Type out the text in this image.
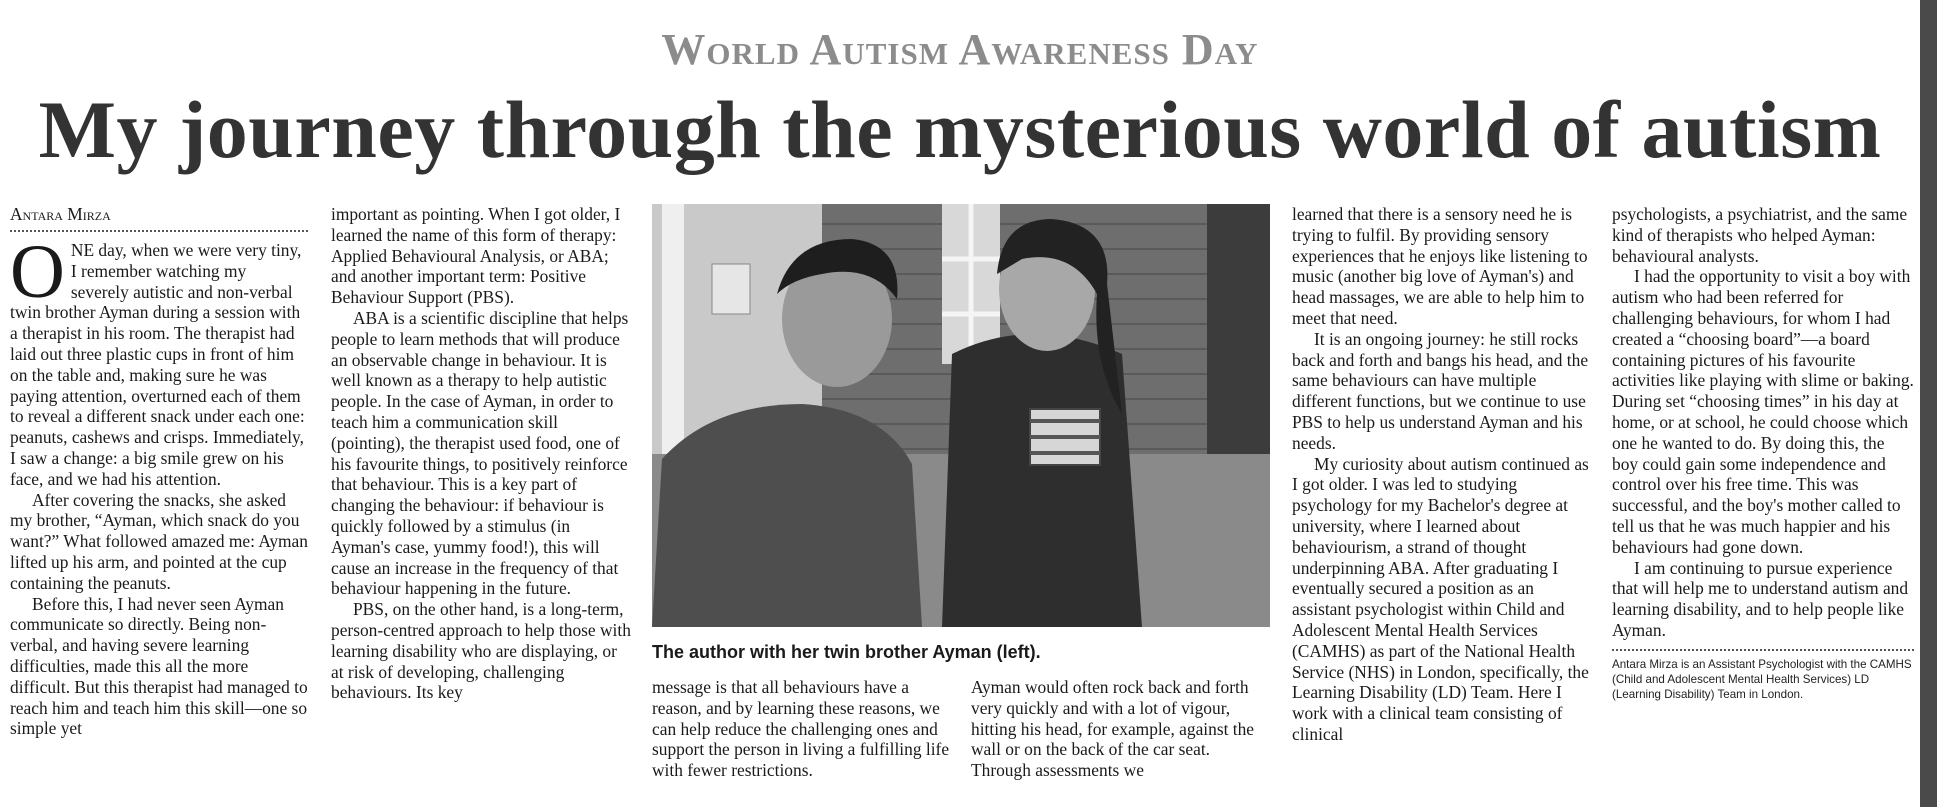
World Autism Awareness Day
My journey through the mysterious world of autism
Antara Mirza

ONE day, when we were very tiny, I remember watching my severely autistic and non-verbal twin brother Ayman during a session with a therapist in his room. The therapist had laid out three plastic cups in front of him on the table and, making sure he was paying attention, overturned each of them to reveal a different snack under each one: peanuts, cashews and crisps. Immediately, I saw a change: a big smile grew on his face, and we had his attention.

After covering the snacks, she asked my brother, “Ayman, which snack do you want?” What followed amazed me: Ayman lifted up his arm, and pointed at the cup containing the peanuts.

Before this, I had never seen Ayman communicate so directly. Being non-verbal, and having severe learning difficulties, made this all the more difficult. But this therapist had managed to reach him and teach him this skill—one so simple yet

important as pointing. When I got older, I learned the name of this form of therapy: Applied Behavioural Analysis, or ABA; and another important term: Positive Behaviour Support (PBS).

ABA is a scientific discipline that helps people to learn methods that will produce an observable change in behaviour. It is well known as a therapy to help autistic people. In the case of Ayman, in order to teach him a communication skill (pointing), the therapist used food, one of his favourite things, to positively reinforce that behaviour. This is a key part of changing the behaviour: if behaviour is quickly followed by a stimulus (in Ayman's case, yummy food!), this will cause an increase in the frequency of that behaviour happening in the future.

PBS, on the other hand, is a long-term, person-centred approach to help those with learning disability who are displaying, or at risk of developing, challenging behaviours. Its key

The author with her twin brother Ayman (left).

message is that all behaviours have a reason, and by learning these reasons, we can help reduce the challenging ones and support the person in living a fulfilling life with fewer restrictions.

Ayman would often rock back and forth very quickly and with a lot of vigour, hitting his head, for example, against the wall or on the back of the car seat. Through assessments we

learned that there is a sensory need he is trying to fulfil. By providing sensory experiences that he enjoys like listening to music (another big love of Ayman's) and head massages, we are able to help him to meet that need.

It is an ongoing journey: he still rocks back and forth and bangs his head, and the same behaviours can have multiple different functions, but we continue to use PBS to help us understand Ayman and his needs.

My curiosity about autism continued as I got older. I was led to studying psychology for my Bachelor's degree at university, where I learned about behaviourism, a strand of thought underpinning ABA. After graduating I eventually secured a position as an assistant psychologist within Child and Adolescent Mental Health Services (CAMHS) as part of the National Health Service (NHS) in London, specifically, the Learning Disability (LD) Team. Here I work with a clinical team consisting of clinical

psychologists, a psychiatrist, and the same kind of therapists who helped Ayman: behavioural analysts.

I had the opportunity to visit a boy with autism who had been referred for challenging behaviours, for whom I had created a “choosing board”—a board containing pictures of his favourite activities like playing with slime or baking. During set “choosing times” in his day at home, or at school, he could choose which one he wanted to do. By doing this, the boy could gain some independence and control over his free time. This was successful, and the boy's mother called to tell us that he was much happier and his behaviours had gone down.

I am continuing to pursue experience that will help me to understand autism and learning disability, and to help people like Ayman.

Antara Mirza is an Assistant Psychologist with the CAMHS (Child and Adolescent Mental Health Services) LD (Learning Disability) Team in London.
